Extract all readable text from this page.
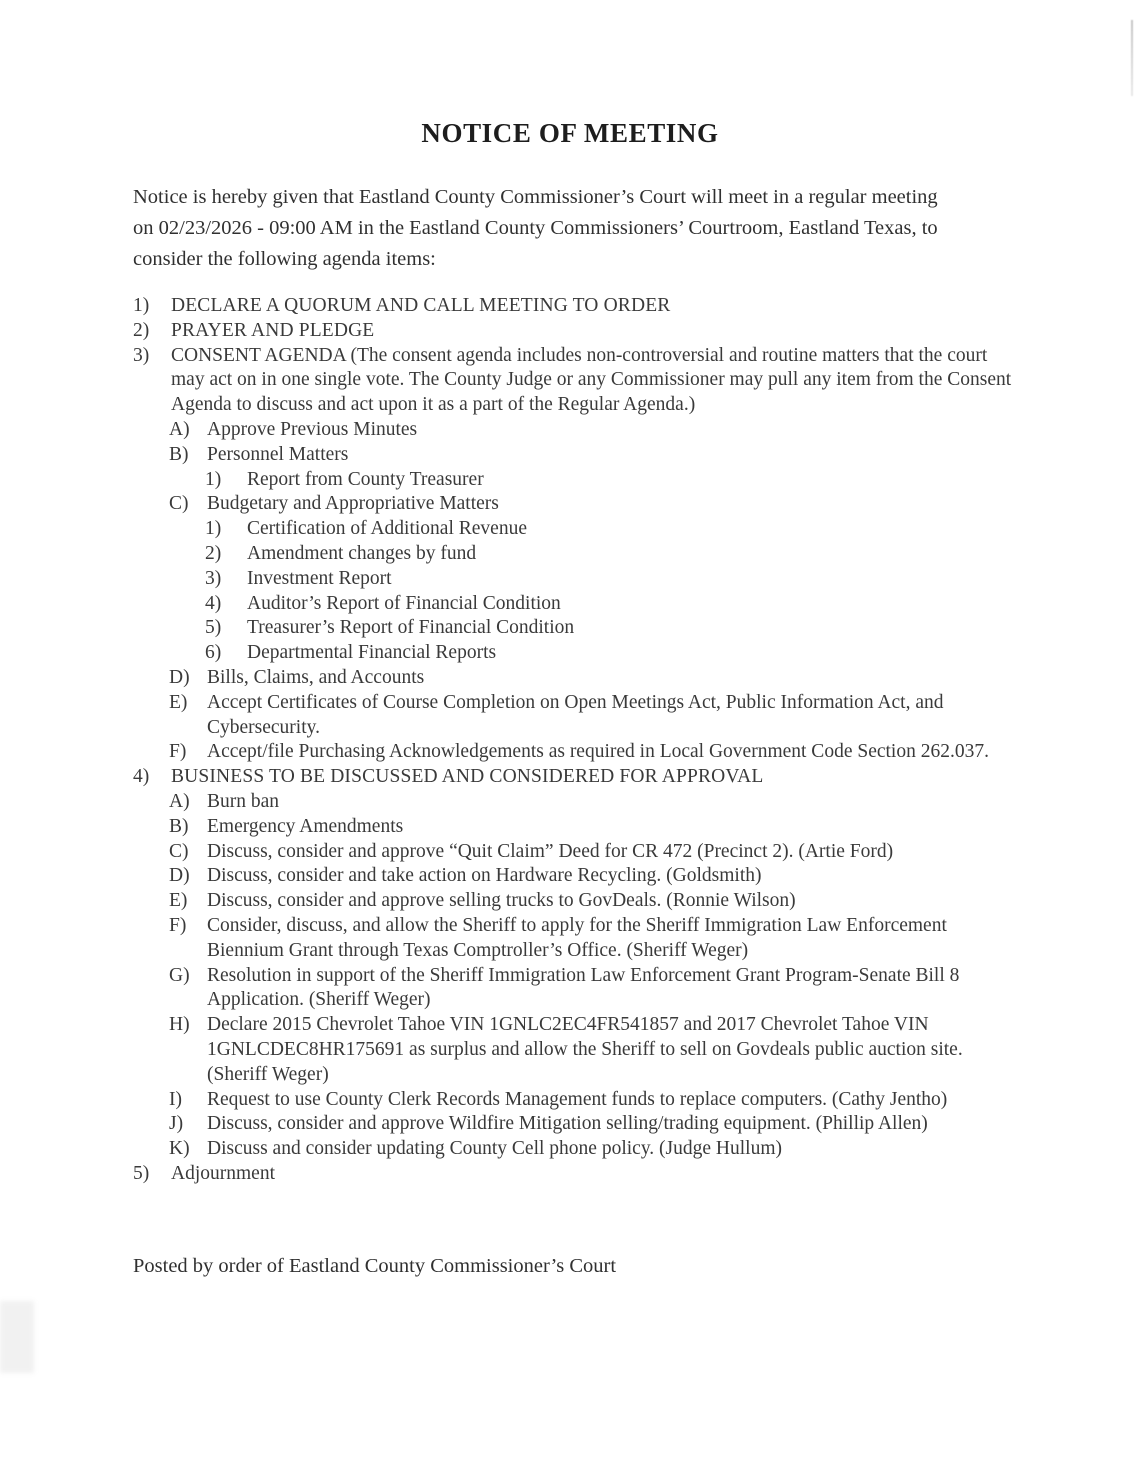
NOTICE OF MEETING
Notice is hereby given that Eastland County Commissioner’s Court will meet in a regular meeting on 02/23/2026 - 09:00 AM in the Eastland County Commissioners’ Courtroom, Eastland Texas, to consider the following agenda items:
1)	DECLARE A QUORUM AND CALL MEETING TO ORDER
2)	PRAYER AND PLEDGE
3)	CONSENT AGENDA (The consent agenda includes non-controversial and routine matters that the court may act on in one single vote. The County Judge or any Commissioner may pull any item from the Consent Agenda to discuss and act upon it as a part of the Regular Agenda.)
A) Approve Previous Minutes
B) Personnel Matters
1)	Report from County Treasurer
C) Budgetary and Appropriative Matters
1)	Certification of Additional Revenue
2)	Amendment changes by fund
3)	Investment Report
4)	Auditor’s Report of Financial Condition
5)	Treasurer’s Report of Financial Condition
6)	Departmental Financial Reports
D) Bills, Claims, and Accounts
E)	Accept Certificates of Course Completion on Open Meetings Act, Public Information Act, and Cybersecurity.
F)	Accept/file Purchasing Acknowledgements as required in Local Government Code Section 262.037.
4)	BUSINESS TO BE DISCUSSED AND CONSIDERED FOR APPROVAL
A) Burn ban
B) Emergency Amendments
C) Discuss, consider and approve “Quit Claim” Deed for CR 472 (Precinct 2). (Artie Ford)
D) Discuss, consider and take action on Hardware Recycling. (Goldsmith)
E)	Discuss, consider and approve selling trucks to GovDeals. (Ronnie Wilson)
F)	Consider, discuss, and allow the Sheriff to apply for the Sheriff Immigration Law Enforcement Biennium Grant through Texas Comptroller’s Office. (Sheriff Weger)
G) Resolution in support of the Sheriff Immigration Law Enforcement Grant Program-Senate Bill 8 Application. (Sheriff Weger)
H) Declare 2015 Chevrolet Tahoe VIN 1GNLC2EC4FR541857 and 2017 Chevrolet Tahoe VIN 1GNLCDEC8HR175691 as surplus and allow the Sheriff to sell on Govdeals public auction site. (Sheriff Weger)
I)	Request to use County Clerk Records Management funds to replace computers. (Cathy Jentho)
J)	Discuss, consider and approve Wildfire Mitigation selling/trading equipment. (Phillip Allen)
K) Discuss and consider updating County Cell phone policy. (Judge Hullum)
5)	Adjournment
Posted by order of Eastland County Commissioner’s Court
